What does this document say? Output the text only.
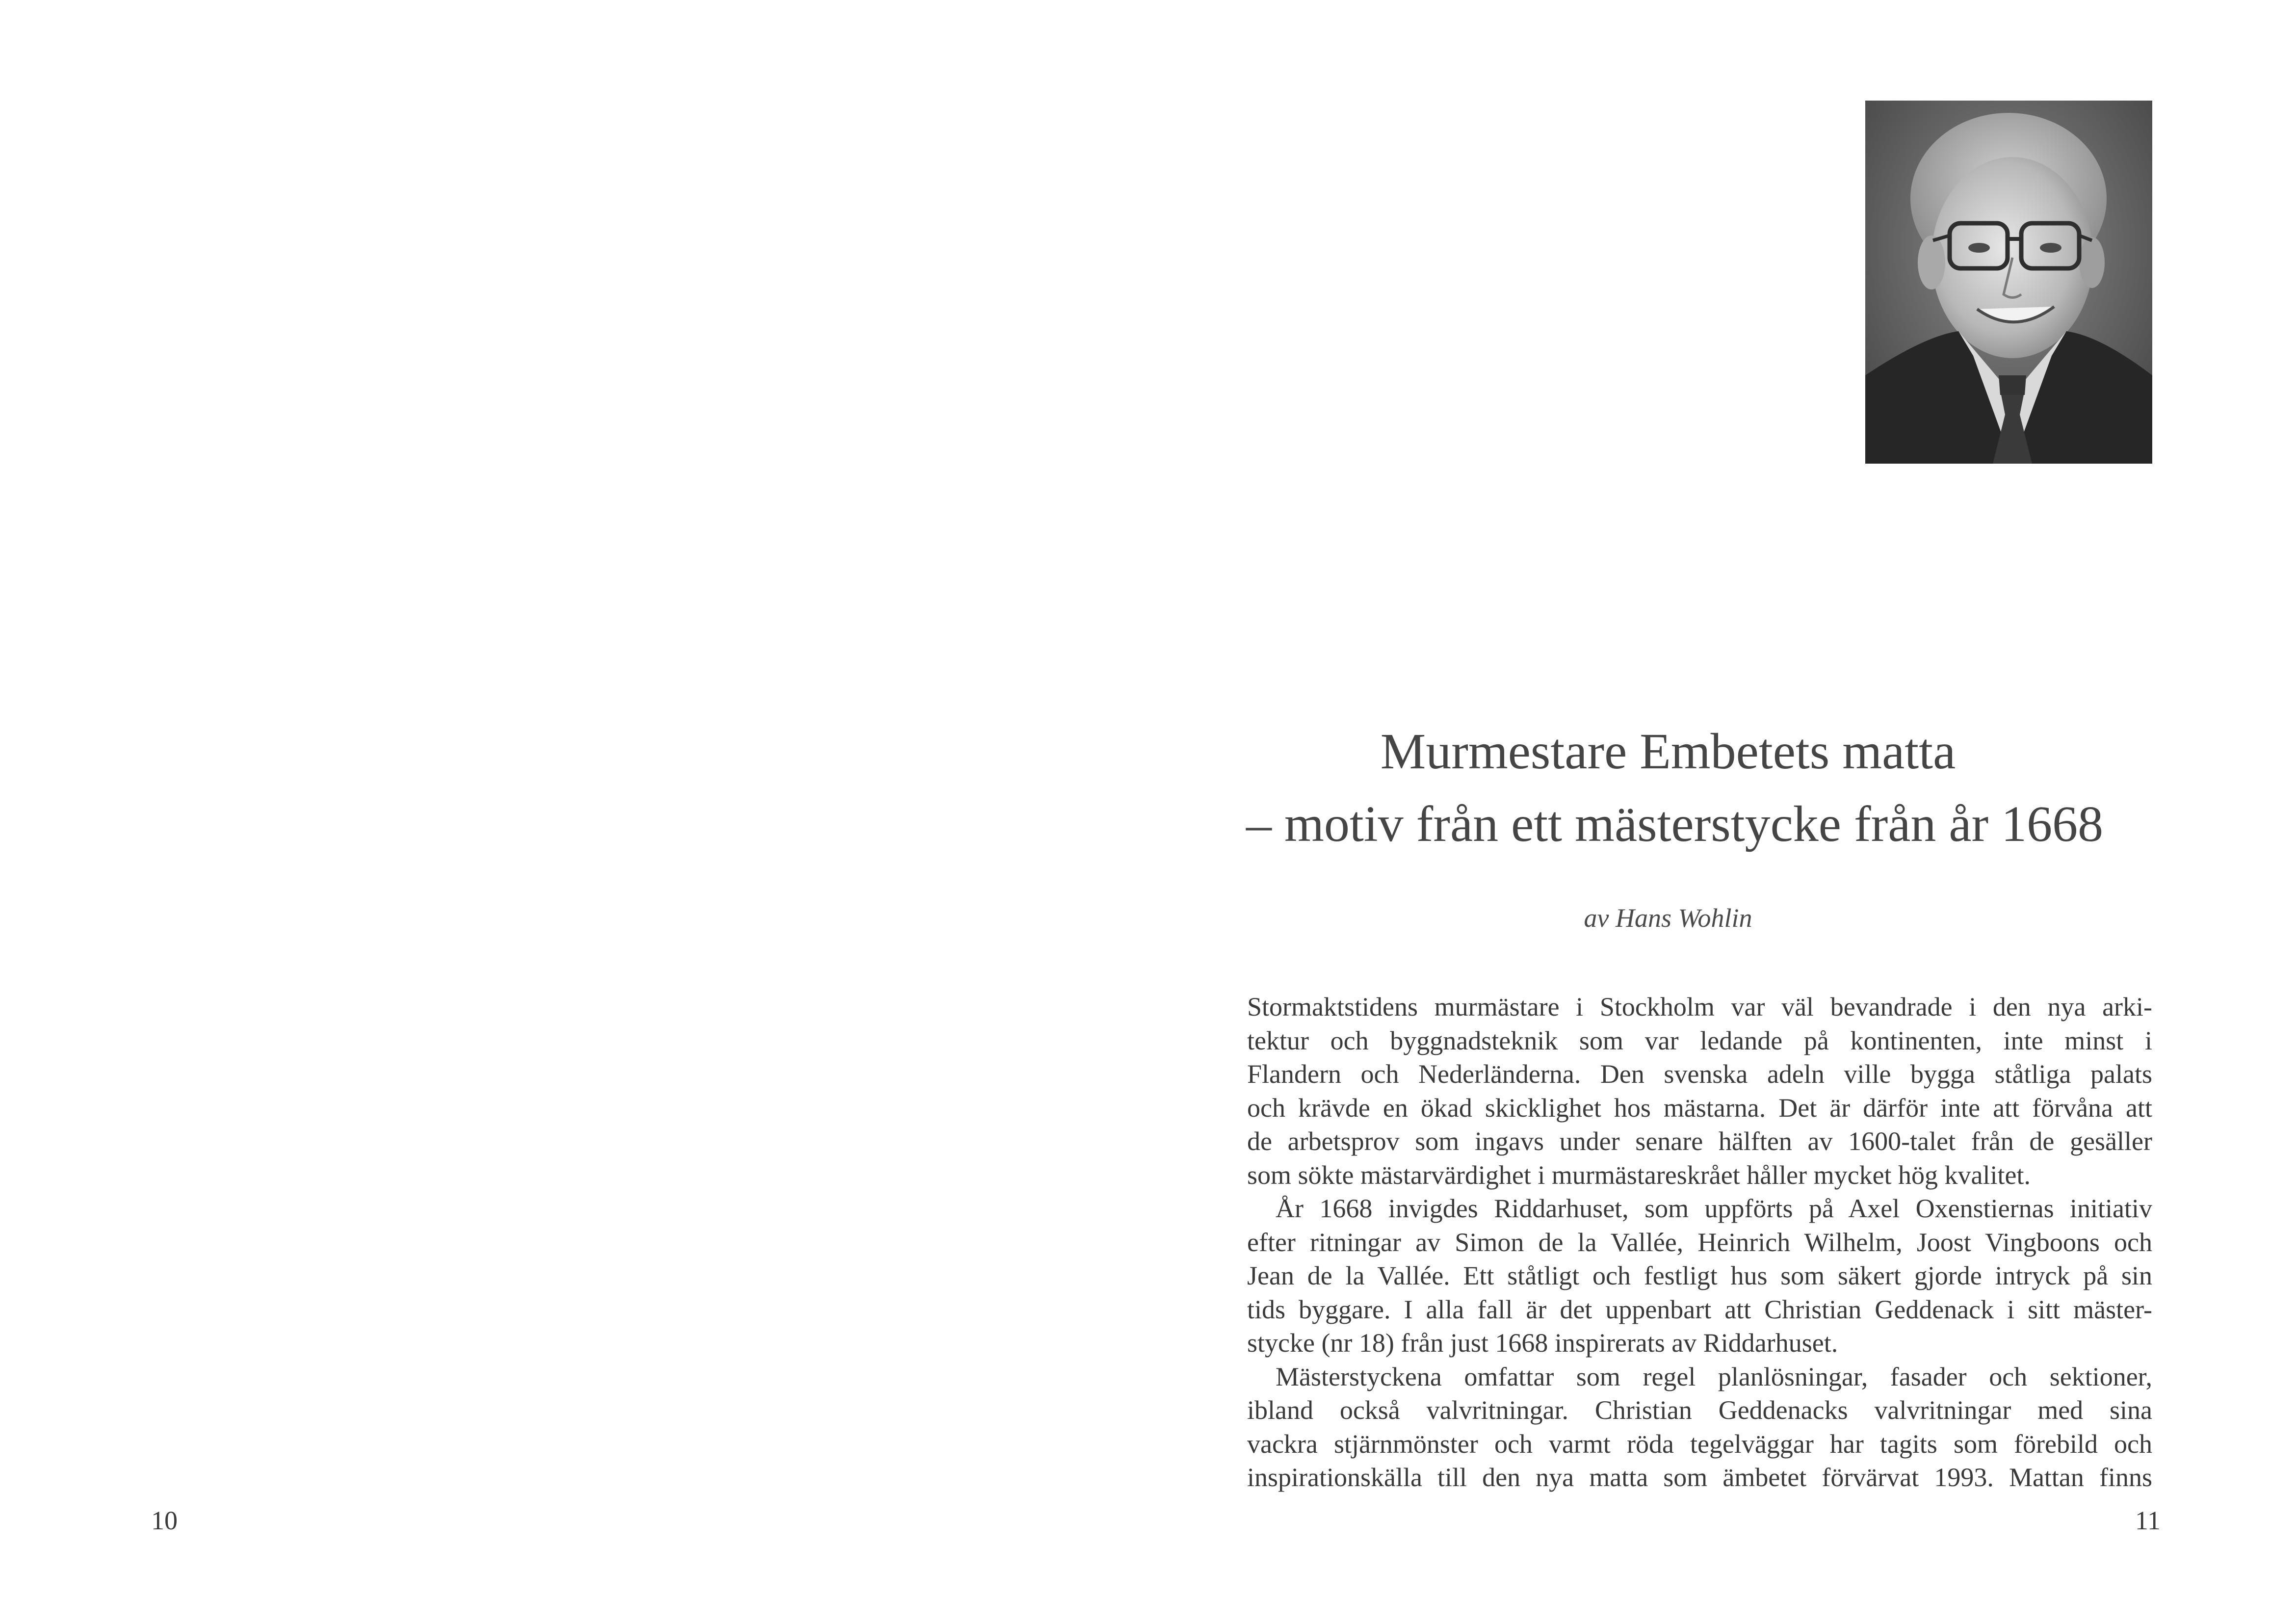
10
Murmestare Embetets matta
– motiv från ett mästerstycke från år 1668
av Hans Wohlin
11
Stormaktstidens murmästare i Stockholm var väl bevandrade i den nya arki-
tektur och byggnadsteknik som var ledande på kontinenten, inte minst i
Flandern och Nederländerna. Den svenska adeln ville bygga ståtliga palats
och krävde en ökad skicklighet hos mästarna. Det är därför inte att förvåna att
de arbetsprov som ingavs under senare hälften av 1600-talet från de gesäller
som sökte mästarvärdighet i murmästareskrået håller mycket hög kvalitet.
År 1668 invigdes Riddarhuset, som uppförts på Axel Oxenstiernas initiativ
efter ritningar av Simon de la Vallée, Heinrich Wilhelm, Joost Vingboons och
Jean de la Vallée. Ett ståtligt och festligt hus som säkert gjorde intryck på sin
tids byggare. I alla fall är det uppenbart att Christian Geddenack i sitt mäster-
stycke (nr 18) från just 1668 inspirerats av Riddarhuset.
Mästerstyckena omfattar som regel planlösningar, fasader och sektioner,
ibland också valvritningar. Christian Geddenacks valvritningar med sina
vackra stjärnmönster och varmt röda tegelväggar har tagits som förebild och
inspirationskälla till den nya matta som ämbetet förvärvat 1993. Mattan finns
